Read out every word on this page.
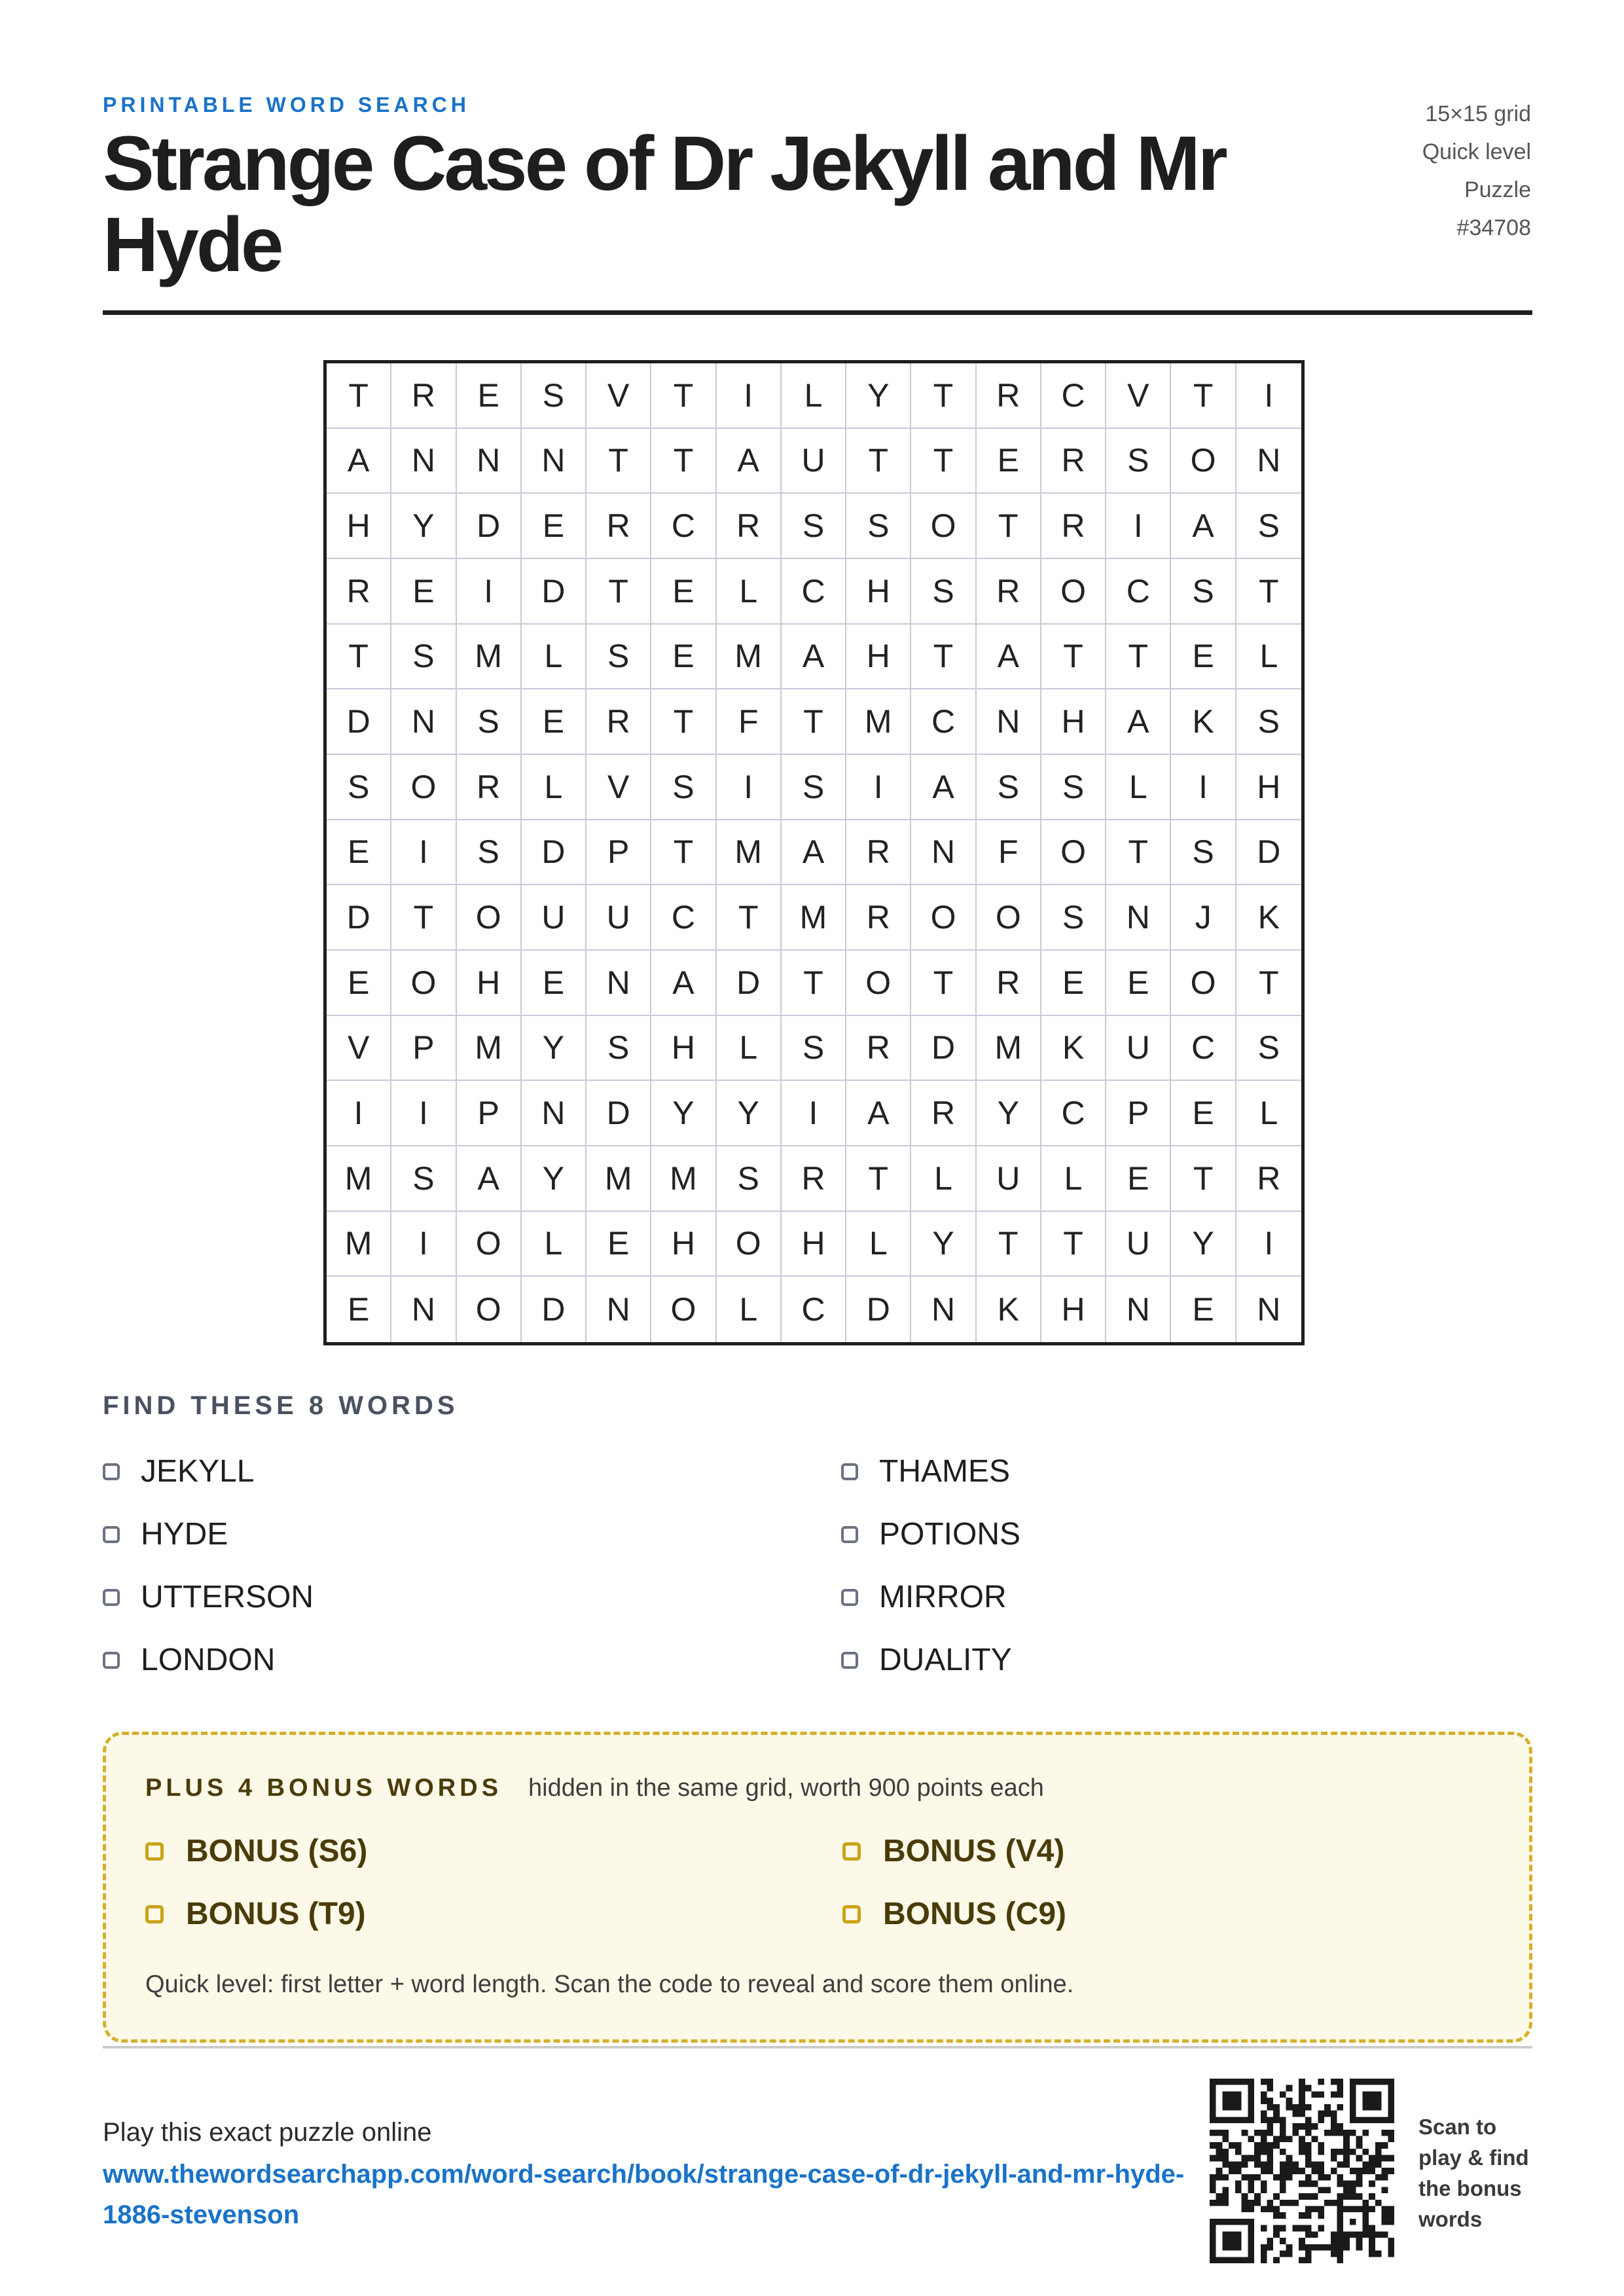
PRINTABLE WORD SEARCH
Strange Case of Dr Jekyll and Mr Hyde
15×15 grid
Quick level
Puzzle
#34708
T	R	E	S	V	T	I	L	Y	T	R	C	V	T	I
A	N	N	N	T	T	A	U	T	T	E	R	S	O	N
H	Y	D	E	R	C	R	S	S	O	T	R	I	A	S
R	E	I	D	T	E	L	C	H	S	R	O	C	S	T
T	S	M	L	S	E	M	A	H	T	A	T	T	E	L
D	N	S	E	R	T	F	T	M	C	N	H	A	K	S
S	O	R	L	V	S	I	S	I	A	S	S	L	I	H
E	I	S	D	P	T	M	A	R	N	F	O	T	S	D
D	T	O	U	U	C	T	M	R	O	O	S	N	J	K
E	O	H	E	N	A	D	T	O	T	R	E	E	O	T
V	P	M	Y	S	H	L	S	R	D	M	K	U	C	S
I	I	P	N	D	Y	Y	I	A	R	Y	C	P	E	L
M	S	A	Y	M	M	S	R	T	L	U	L	E	T	R
M	I	O	L	E	H	O	H	L	Y	T	T	U	Y	I
E	N	O	D	N	O	L	C	D	N	K	H	N	E	N
FIND THESE 8 WORDS
JEKYLL
HYDE
UTTERSON
LONDON
THAMES
POTIONS
MIRROR
DUALITY
PLUS 4 BONUS WORDS hidden in the same grid, worth 900 points each
BONUS (S6)
BONUS (T9)
BONUS (V4)
BONUS (C9)
Quick level: first letter + word length. Scan the code to reveal and score them online.
Play this exact puzzle online
www.thewordsearchapp.com/word-search/book/strange-case-of-dr-jekyll-and-mr-hyde-1886-stevenson
Scan to play & find the bonus words
